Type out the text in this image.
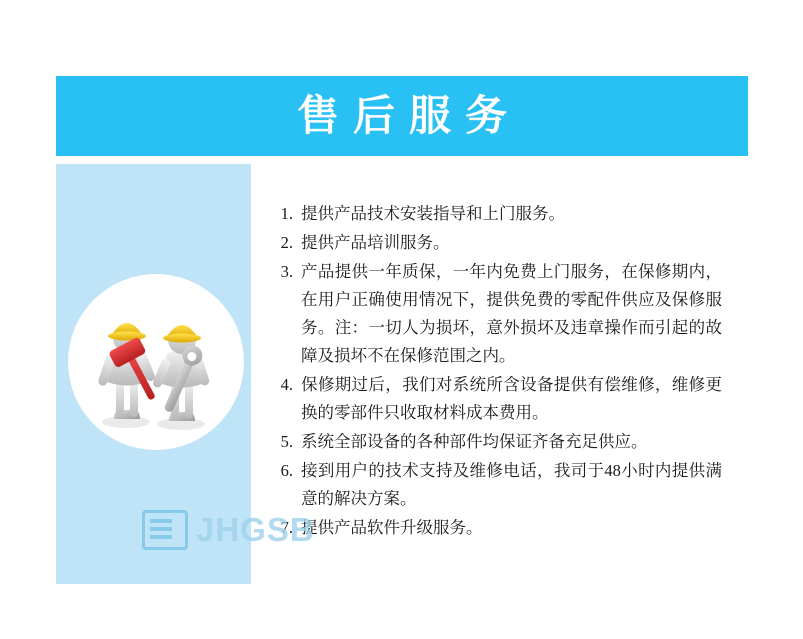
售后服务
提供产品技术安装指导和上门服务。
提供产品培训服务。
产品提供一年质保，一年内免费上门服务，在保修期内，在用户正确使用情况下，提供免费的零配件供应及保修服务。注：一切人为损坏，意外损坏及违章操作而引起的故障及损坏不在保修范围之内。
保修期过后，我们对系统所含设备提供有偿维修，维修更换的零部件只收取材料成本费用。
系统全部设备的各种部件均保证齐备充足供应。
接到用户的技术支持及维修电话，我司于48小时内提供满意的解决方案。
提供产品软件升级服务。
JHGSB
